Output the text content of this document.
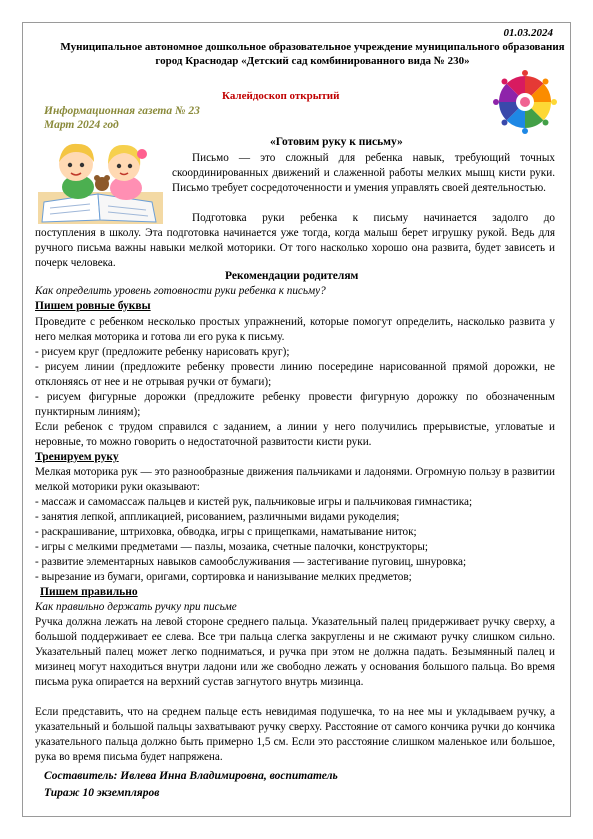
01.03.2024
Муниципальное автономное дошкольное образовательное учреждение муниципального образования город Краснодар «Детский сад комбинированного вида № 230»
Калейдоскоп открытий
Информационная газета № 23
Март 2024 год
«Готовим руку к письму»

Письмо — это сложный для ребенка навык, требующий точных скоординированных движений и слаженной работы мелких мышц кисти руки. Письмо требует сосредоточенности и умения управлять своей деятельностью.

Подготовка руки ребенка к письму начинается задолго до

поступления в школу. Эта подготовка начинается уже тогда, когда малыш берет игрушку рукой. Ведь для ручного письма важны навыки мелкой моторики. От того насколько хорошо она развита, будет зависеть и почерк человека.

Рекомендации родителям
Как определить уровень готовности руки ребенка к письму?
Пишем ровные буквы

Проведите с ребенком несколько простых упражнений, которые помогут определить, насколько развита у него мелкая моторика и готова ли его рука к письму.

- рисуем круг (предложите ребенку нарисовать круг);

- рисуем линии (предложите ребенку провести линию посередине нарисованной прямой дорожки, не отклоняясь от нее и не отрывая ручки от бумаги);

- рисуем фигурные дорожки (предложите ребенку провести фигурную дорожку по обозначенным пунктирным линиям);

Если ребенок с трудом справился с заданием, а линии у него получились прерывистые, угловатые и неровные, то можно говорить о недостаточной развитости кисти руки.

Тренируем руку

Мелкая моторика рук — это разнообразные движения пальчиками и ладонями. Огромную пользу в развитии мелкой моторики руки оказывают:

- массаж и самомассаж пальцев и кистей рук, пальчиковые игры и пальчиковая гимнастика;

- занятия лепкой, аппликацией, рисованием, различными видами рукоделия;

- раскрашивание, штриховка, обводка, игры с прищепками, наматывание ниток;

- игры с мелкими предметами — пазлы, мозаика, счетные палочки, конструкторы;

- развитие элементарных навыков самообслуживания — застегивание пуговиц, шнуровка;

- вырезание из бумаги, оригами, сортировка и нанизывание мелких предметов;

Пишем правильно
Как правильно держать ручку при письме

Ручка должна лежать на левой стороне среднего пальца. Указательный палец придерживает ручку сверху, а большой поддерживает ее слева. Все три пальца слегка закруглены и не сжимают ручку слишком сильно. Указательный палец может легко подниматься, и ручка при этом не должна падать. Безымянный палец и мизинец могут находиться внутри ладони или же свободно лежать у основания большого пальца. Во время письма рука опирается на верхний сустав загнутого внутрь мизинца.

Если представить, что на среднем пальце есть невидимая подушечка, то на нее мы и укладываем ручку, а указательный и большой пальцы захватывают ручку сверху. Расстояние от самого кончика ручки до кончика указательного пальца должно быть примерно 1,5 см. Если это расстояние слишком маленькое или большое, рука во время письма будет напряжена.

Составитель: Ивлева Инна Владимировна, воспитатель
Тираж 10 экземпляров
